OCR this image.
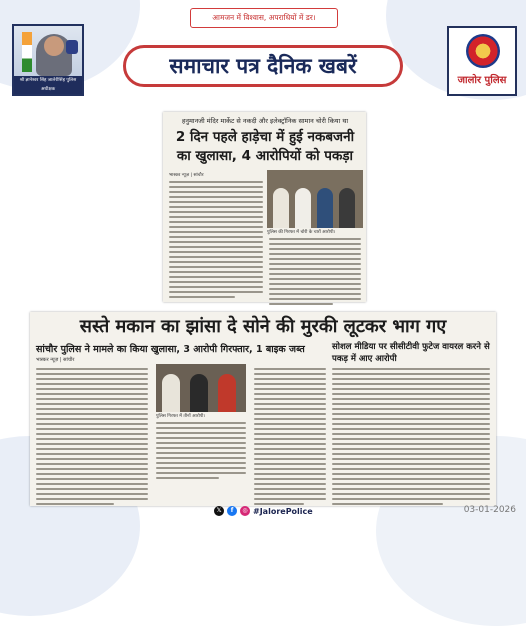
आमजन में विश्वास, अपराधियों में डर।
श्री ज्ञानेश्वर सिंह जालेरीसिंह पुलिस अधीक्षक
समाचार पत्र दैनिक खबरें
जालोर पुलिस
हनुमानजी मंदिर मार्केट से नकदी और इलेक्ट्रॉनिक सामान चोरी किया था
2 दिन पहले हाड़ेचा में हुई नकबजनी का खुलासा, 4 आरोपियों को पकड़ा
भास्कर न्यूज़ | सांचौर
पुलिस की गिरफ्त में चोरी के चारों आरोपी।
सस्ते मकान का झांसा दे सोने की मुरकी लूटकर भाग गए
सांचौर पुलिस ने मामले का किया खुलासा, 3 आरोपी गिरफ्तार, 1 बाइक जब्त	सोशल मीडिया पर सीसीटीवी फुटेज वायरल करने से पकड़ में आए आरोपी
भास्कर न्यूज़ | सांचौर
पुलिस गिरफ्त में तीनों आरोपी।
𝕏	f	◎ #JalorePolice	03-01-2026
